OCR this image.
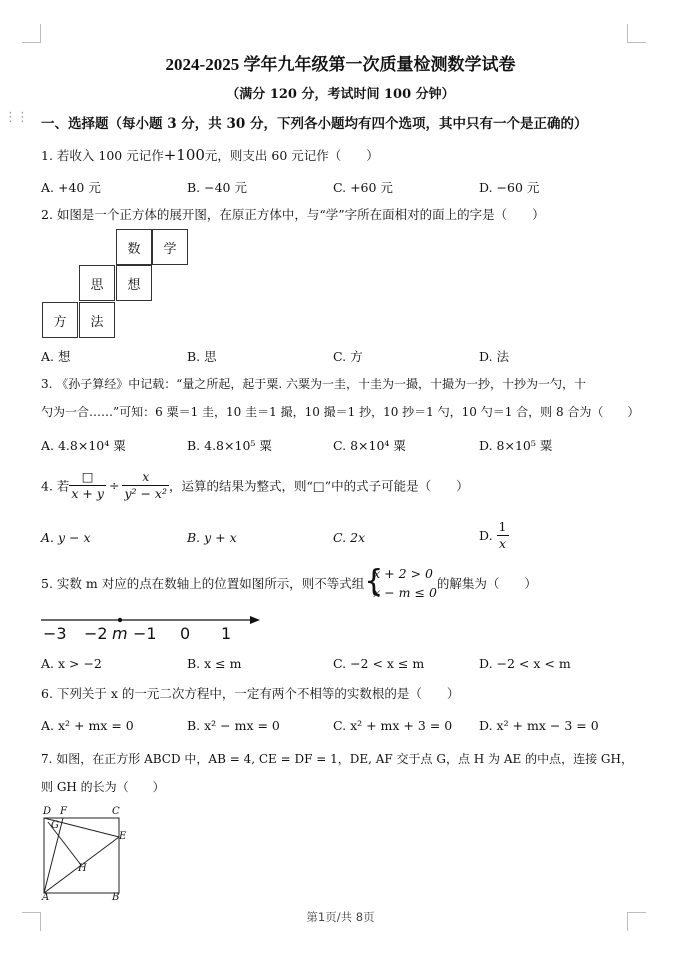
⋮⋮
2024-2025 学年九年级第一次质量检测数学试卷
（满分 120 分，考试时间 100 分钟）
一、选择题（每小题 3 分，共 30 分，下列各小题均有四个选项，其中只有一个是正确的）
1. 若收入 100 元记作+100元，则支出 60 元记作（　　）
A. +40 元	B. −40 元	C. +60 元	D. −60 元
2. 如图是一个正方体的展开图，在原正方体中，与“学”字所在面相对的面上的字是（　　）
数	学
思	想
方	法
A. 想	B. 思	C. 方	D. 法
3. 《孙子算经》中记载：“量之所起，起于粟. 六粟为一圭，十圭为一撮，十撮为一抄，十抄为一勺，十
勺为一合……”可知：6 粟＝1 圭，10 圭＝1 撮，10 撮＝1 抄，10 抄＝1 勺，10 勺＝1 合，则 8 合为（　　）
A. 4.8×10⁴ 粟	B. 4.8×10⁵ 粟	C. 8×10⁴ 粟	D. 8×10⁵ 粟
4. 若 $\frac{□}{x + y} \div \frac{x}{\text{y² − x²}}$ ，运算的结果为整式，则“□”中的式子可能是（　　）
A. y − x	B. y + x	C. 2x	D. $\frac{1}{x}$
5. 实数 m 对应的点在数轴上的位置如图所示，则不等式组 {
x + 2 > 0
x − m ≤ 0
的解集为（　　）
−3 −2 m −1 0 1
A. x > −2	B. x ≤ m	C. −2 < x ≤ m	D. −2 < x < m
6. 下列关于 x 的一元二次方程中，一定有两个不相等的实数根的是（　　）
A. x² + mx = 0	B. x² − mx = 0	C. x² + mx + 3 = 0 D. x² + mx − 3 = 0
7. 如图，在正方形 ABCD 中，AB = 4, CE = DF = 1，DE, AF 交于点 G，点 H 为 AE 的中点，连接 GH，
则 GH 的长为（　　）
D F	C
G
E
H
A	B
第1页/共 8页
